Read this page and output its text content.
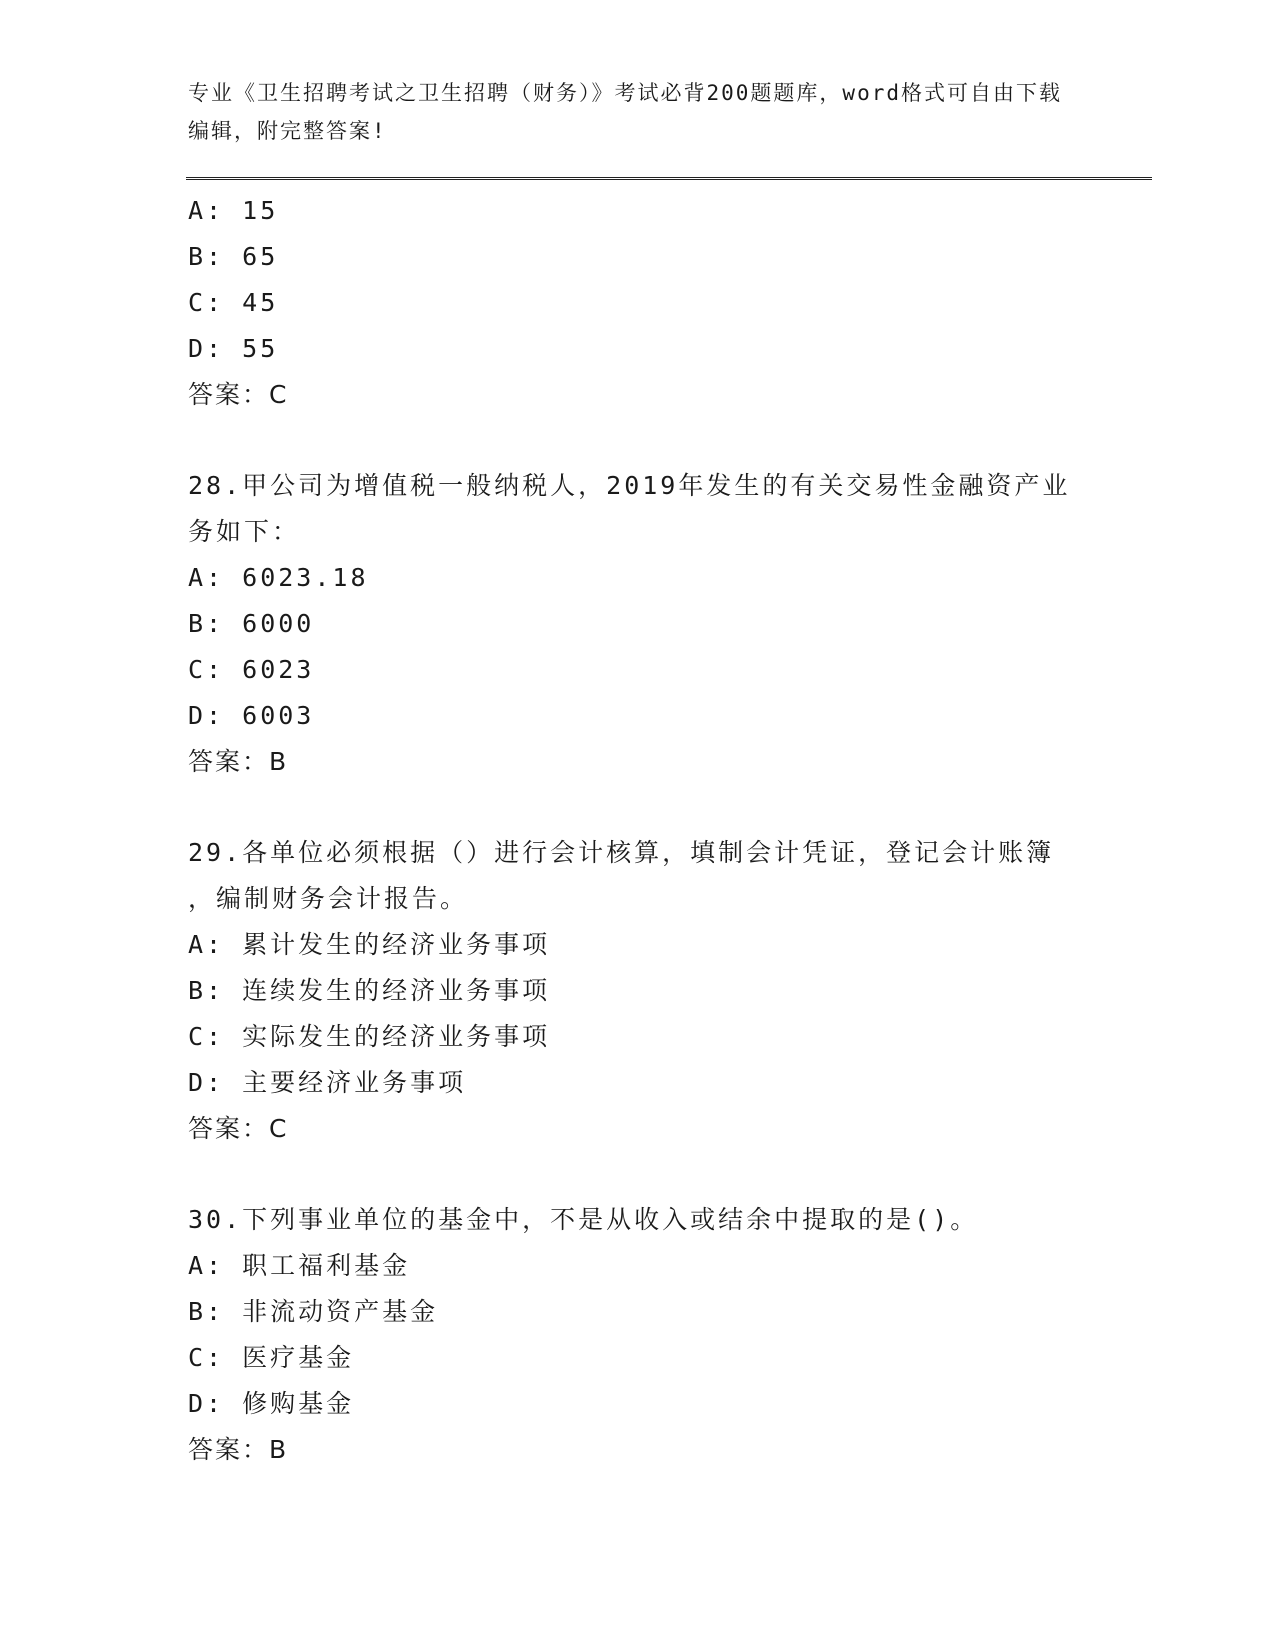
专业《卫生招聘考试之卫生招聘（财务）》考试必背200题题库，word格式可自由下载编辑，附完整答案!
A: 15
B: 65
C: 45
D: 55
答案：C
28.甲公司为增值税一般纳税人，2019年发生的有关交易性金融资产业
务如下：
A: 6023.18
B: 6000
C: 6023
D: 6003
答案：B
29.各单位必须根据（）进行会计核算，填制会计凭证，登记会计账簿
，编制财务会计报告。
A: 累计发生的经济业务事项
B: 连续发生的经济业务事项
C: 实际发生的经济业务事项
D: 主要经济业务事项
答案：C
30.下列事业单位的基金中，不是从收入或结余中提取的是()。
A: 职工福利基金
B: 非流动资产基金
C: 医疗基金
D: 修购基金
答案：B
